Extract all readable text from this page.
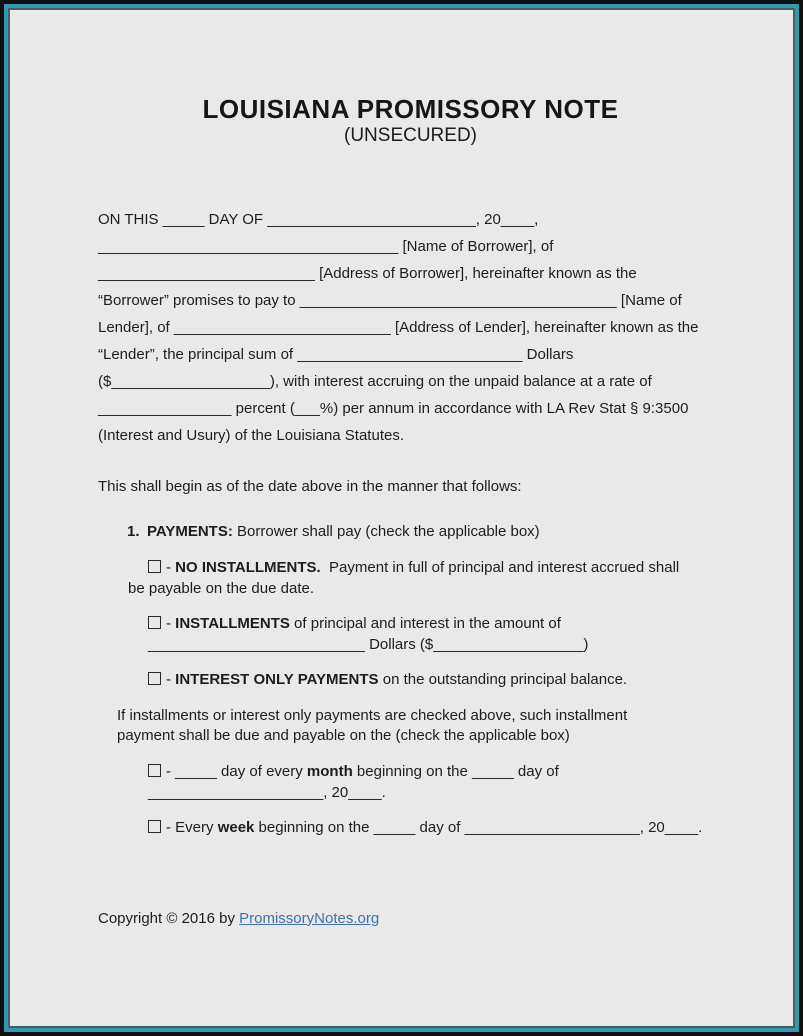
LOUISIANA PROMISSORY NOTE
(UNSECURED)
ON THIS _____ DAY OF _________________________, 20____,
____________________________________ [Name of Borrower], of
__________________________ [Address of Borrower], hereinafter known as the
“Borrower” promises to pay to ______________________________________ [Name of
Lender], of __________________________ [Address of Lender], hereinafter known as the
“Lender”, the principal sum of ___________________________ Dollars
($___________________), with interest accruing on the unpaid balance at a rate of
________________ percent (___%) per annum in accordance with LA Rev Stat § 9:3500
(Interest and Usury) of the Louisiana Statutes.
This shall begin as of the date above in the manner that follows:
1. PAYMENTS: Borrower shall pay (check the applicable box)
- NO INSTALLMENTS.  Payment in full of principal and interest accrued shall
be payable on the due date.
- INSTALLMENTS of principal and interest in the amount of
__________________________ Dollars ($__________________)
- INTEREST ONLY PAYMENTS on the outstanding principal balance.
If installments or interest only payments are checked above, such installment
payment shall be due and payable on the (check the applicable box)
- _____ day of every month beginning on the _____ day of
_____________________, 20____.
- Every week beginning on the _____ day of _____________________, 20____.
Copyright © 2016 by PromissoryNotes.org
